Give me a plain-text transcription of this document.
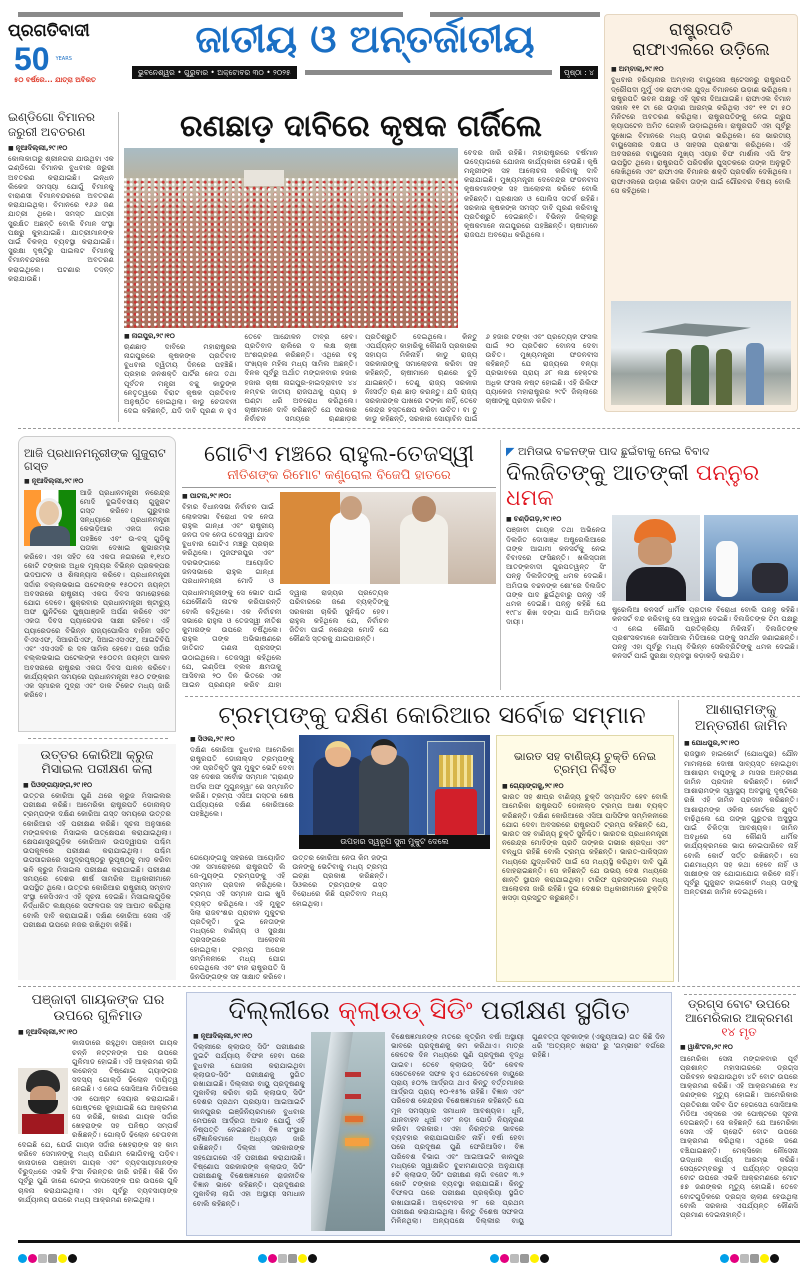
ପ୍ରଗତିବାଦୀ
50 YEARS
୫୦ ବର୍ଷରେ... ଯାତ୍ରା ଅବିରତ
ଜାତୀୟ ଓ ଅନ୍ତର୍ଜାତୀୟ
ଭୁବନେଶ୍ୱର • ଗୁରୁବାର • ଅକ୍ଟୋବର ୩୦ • ୨୦୨୫	ପୃଷ୍ଠା : ୪
ରାଷ୍ଟ୍ରପତି
ରାଫାଏଲରେ ଉଡ଼ିଲେ
■ ଅମ୍ବାଲା,୨୯।୧୦
ବୁଧବାର ହରିୟାନାର ଅମ୍ବାଲା ବାୟୁସେନା ଷ୍ଟେସନରୁ ରାଷ୍ଟ୍ରପତି ଦ୍ରୌପଦୀ ମୁର୍ମୁ ଏକ ରାଫାଏଲ ଯୁଦ୍ଧ ବିମାନରେ ଉଡ଼ାଣ ଭରିଥିଲେ। ରାଷ୍ଟ୍ରପତି ଭବନ ପକ୍ଷରୁ ଏହି ସୂଚନା ଦିଆଯାଇଛି। ରାଫାଏଲ ବିମାନ ସକାଳ ୧୧ ଟା ରେ ଉଡ଼ାଣ ଆରମ୍ଭ କରିଥିଲା ଏବଂ ୧୧ ଟା ୫୦ ମିନିଟରେ ଅବତରଣ କରିଥିଲା। ରାଷ୍ଟ୍ରପତିଙ୍କୁ ନେଇ ଗ୍ରୁପ କ୍ୟାପଟେନ ଅମିତ ଗେହାନି ଉଡ଼ାଇଥିଲେ। ରାଷ୍ଟ୍ରପତି ଏହା ପୂର୍ବରୁ ସୁଖୋଇ ବିମାନରେ ମଧ୍ୟ ଉଡ଼ାଣ ଭରିଥିଲେ। ସେ ଭାରତୀୟ ବାୟୁସେନାର ଦକ୍ଷତା ଓ ସାହସର ପ୍ରଶଂସା କରିଥିଲେ। ଏହି ଅବସରରେ ବାୟୁସେନା ମୁଖ୍ୟ ଏୟାର ଚିଫ ମାର୍ଶାଲ ଏପି ସିଂହ ଉପସ୍ଥିତ ଥିଲେ। ରାଷ୍ଟ୍ରପତି ପରିଦର୍ଶକ ପୁସ୍ତକରେ ତାଙ୍କ ଅନୁଭୂତି ଲେଖିଥିଲେ ଏବଂ ରାଫାଏଲ ବିମାନର ଶକ୍ତି ପ୍ରଦର୍ଶନ ଦେଖିଥିଲେ। ରାଫାଏଲରେ ଉଡ଼ାଣ ଭରିବା ତାଙ୍କ ପାଇଁ ଗୌରବର ବିଷୟ ବୋଲି ସେ କହିଥିଲେ।
ଇଣ୍ଡିଗୋ ବିମାନର ଜରୁରୀ ଅବତରଣ
■ ନୂଆଦିଲ୍ଲୀ,୨୯।୧୦
କୋଲକାତାରୁ ଶ୍ରୀନଗର ଯାଉଥିବା ଏକ ଇଣ୍ଡିଗୋ ବିମାନର ବୁଧବାର ଜରୁରୀ ଅବତରଣ କରାଯାଇଛି। ଇନ୍ଧନ ଲିକେଜ ସମସ୍ୟା ଯୋଗୁଁ ବିମାନକୁ ବାରାଣସୀ ବିମାନବନ୍ଦରରେ ଅବତରଣ କରାଯାଇଥିଲା। ବିମାନରେ ୧୬୬ ଜଣ ଯାତ୍ରୀ ଥିଲେ। ସମସ୍ତ ଯାତ୍ରୀ ସୁରକ୍ଷିତ ଅଛନ୍ତି ବୋଲି ବିମାନ ସଂସ୍ଥା ପକ୍ଷରୁ କୁହାଯାଇଛି। ଯାତ୍ରୀମାନଙ୍କ ପାଇଁ ବିକଳ୍ପ ବ୍ୟବସ୍ଥା କରାଯାଇଛି। ସୁରକ୍ଷା ଦୃଷ୍ଟିରୁ ପାଇଲଟ ବିମାନକୁ ବିମାନବନ୍ଦରରେ ଅବତରଣ କରାଇଥିଲେ। ଘଟଣାର ତଦନ୍ତ କରାଯାଉଛି।
ରଣଛାଡ଼ ଦାବିରେ କୃଷକ ଗର୍ଜିଲେ
ବେଦର ଜାରି ରହିଛି। ମହାରାଷ୍ଟ୍ରରେ ବର୍ଷମାନ ଉଦ୍ୟୋଗରେ ଯୋଜନା କାର୍ଯ୍ୟକାରୀ ହେଉଛି। କୃଷି ମନ୍ତ୍ରୀଙ୍କ ସହ ଆଲୋଚନା କରିବାକୁ ଦାବି କରାଯାଇଛି। ମୁଖ୍ୟମନ୍ତ୍ରୀ ଦେବେନ୍ଦ୍ର ଫଡନବୀସ କୃଷକମାନଙ୍କ ସହ ଆଲୋଚନା କରିବେ ବୋଲି କହିଛନ୍ତି। ପ୍ରଶାସନ ଓ ପୋଲିସ ସତର୍କ ରହିଛି। ସରକାର କୃଷକଙ୍କ ସମସ୍ତ ଦାବି ପୂରଣ କରିବାକୁ ପ୍ରତିଶ୍ରୁତି ଦେଇଛନ୍ତି। ବିଭିନ୍ନ ଜିଲ୍ଲାରୁ କୃଷକମାନେ ନାଗପୁରରେ ପହଞ୍ଚିଛନ୍ତି। ଚାଷୀମାନେ ରାଜପଥ ଅବରୋଧ କରିଥିଲେ।
■ ନାଗପୁର,୨୯।୧୦
ଋଣଛାଡ଼ ଦାବିରେ ମହାରାଷ୍ଟ୍ରର ନାଗପୁରରେ କୃଷକଙ୍କ ପ୍ରତିବାଦ ବୁଧବାର ଦ୍ୱିତୀୟ ଦିନରେ ପହଞ୍ଚିଛି। ପ୍ରହାର ଜନଶକ୍ତି ପାର୍ଟିର ନେତା ତଥା ପୂର୍ବତନ ମନ୍ତ୍ରୀ ବଚ୍ଚୁ କାଡୁଙ୍କ ନେତୃତ୍ୱରେ ବିରାଟ କୃଷକ ପ୍ରତିବାଦ ଅନୁଷ୍ଠିତ ହୋଇଥିଲା। କାଡୁ ଚେତାବନୀ ଦେଇ କହିଛନ୍ତି, ଯଦି ଦାବି ପୂରଣ ନ ହୁଏ ତେବେ ଆନ୍ଦୋଳନ ତୀବ୍ର ହେବ। ପ୍ରତିବାଦ ରାଲିରେ ଦ ଲକ୍ଷ ଚାଷୀ ଅଂଶଗ୍ରହଣ କରିଛନ୍ତି। ଏଥିରେ ବହୁ ସଂଖ୍ୟକ ମହିଳା ମଧ୍ୟ ସାମିଲ ଅଛନ୍ତି। ଦିନକ ପୂର୍ବରୁ ଅର୍ଥାତ ମଙ୍ଗଳବାର ହଜାର ହଜାର ଚାଷୀ ନାଗପୁର-ହାଇଦ୍ରାବାଦ ୪୪ ନମ୍ବର ଜାତୀୟ ରାଜପଥକୁ ପ୍ରାୟ ୭ ଘଣ୍ଟା ଧରି ଅବରୋଧ କରିଥିଲେ। ଚାଷୀମାନେ ଦାବି କରିଛନ୍ତି ଯେ ସରକାର ନିର୍ବାଚନ ସମୟରେ ଋଣଛାଡ଼ର ପ୍ରତିଶ୍ରୁତି ଦେଇଥିଲେ। କିନ୍ତୁ ଏପର୍ଯ୍ୟନ୍ତ କାହାରିକୁ କୌଣସି ପ୍ରକାରର ସହାୟତା ମିଳିନାହିଁ। କାଡୁ ରାଜ୍ୟ ସରକାରଙ୍କୁ ସମାଲୋଚନା କରିବା ସହ କହିଛନ୍ତି, ଚାଷୀମାନେ ଋଣରେ ବୁଡ଼ି ଯାଇଛନ୍ତି। ତେଣୁ ରାଜ୍ୟ ସରକାର ନିଃସର୍ତ୍ତ ଋଣ ଛାଡ଼ କରନ୍ତୁ। ଯଦି ରାଜ୍ୟ ସରକାରଙ୍କ ପାଖରେ ଟଙ୍କା ନାହିଁ, ତେବେ କେନ୍ଦ୍ର ହସ୍ତକ୍ଷେପ କରିବା ଉଚିତ। ବା ତୁ କାଡୁ କହିଛନ୍ତି, ସରକାର ସୋୟାବିନ ପାଇଁ ୬ ହଜାର ଟଙ୍କା ଏବଂ ପ୍ରତ୍ୟେକ ଫସଲ ପାଇଁ ୨୦ ପ୍ରତିଶତ ବୋନସ ଦେବା ଉଚିତ। ମୁଖ୍ୟମନ୍ତ୍ରୀ ଫଡନବୀସ କହିଛନ୍ତି ଯେ ରାଜ୍ୟରେ ବନ୍ୟା ପ୍ରଭାବରେ ପ୍ରାୟ ୬୮ ଲକ୍ଷ ହେକ୍ଟର ଅଧିକ ଫସଲ ନଷ୍ଟ ହୋଇଛି। ଏହି ରିଲିଫ ପ୍ୟାକେଜ ମହାରାଷ୍ଟ୍ରର ୨୯ଟି ଜିଲ୍ଲାରେ ଚାଷୀଙ୍କୁ ପ୍ରଦାନ କରିବ।
ଆଜି ପ୍ରଧାନମନ୍ତ୍ରୀଙ୍କ ଗୁଜୁରାଟ ଗସ୍ତ
■ ନୂଆଦିଲ୍ଲୀ,୨୯।୧୦
ଆଜି ପ୍ରଧାନମନ୍ତ୍ରୀ ନରେନ୍ଦ୍ର ମୋଦି ଦୁଇଦିବସୀୟ ଗୁଜୁରାଟ ଗସ୍ତ କରିବେ। ଗୁରୁବାର ସନ୍ଧ୍ୟାରେ ପ୍ରଧାନମନ୍ତ୍ରୀ କେଭଡ଼ିଆର ଏକତା ନଗର ପହଞ୍ଚିବେ ଏବଂ ଉ-ବସ୍ ଗୁଡ଼ିକୁ ପତାକା ଦେଖାଇ ଶୁଭାରମ୍ଭ କରିବେ। ଏହା ସହିତ ସେ ଏକତା ନଗରରେ ୧,୧୪୦ କୋଟି ଟଙ୍କାର ଅଧିକ ମୂଲ୍ୟର ବିଭିନ୍ନ ପ୍ରକଳ୍ପର ଉଦଘାଟନ ଓ ଶିଳାନ୍ୟାସ କରିବେ। ପ୍ରଧାନମନ୍ତ୍ରୀ ସର୍ଦ୍ଦାର ବଲ୍ଲଭଭାଇ ପଟେଲଙ୍କ ୧୫୦ତମ ଜୟନ୍ତୀ ଅବସରରେ ରାଷ୍ଟ୍ରୀୟ ଏକତା ଦିବସ ସମାରୋହରେ ଯୋଗ ଦେବେ। ଶୁକ୍ରବାର ପ୍ରଧାନମନ୍ତ୍ରୀ ଷ୍ଟାଚ୍ୟୁ ଅଫ ୟୁନିଟିରେ ପୁଷ୍ପାଞ୍ଜଳି ଅର୍ପଣ କରିବେ ଏବଂ ଏକତା ଦିବସ ପ୍ୟାରେଡର ସାକ୍ଷୀ ରହିବେ। ଏହି ପ୍ୟାରେଡରେ ବିଭିନ୍ନ ରାଜ୍ୟପୋଲିସ ବାହିନୀ ସହିତ ବିଏସଏଫ, ସିଆରପିଏଫ, ସିଆଇଏସଏଫ, ଆଇଟିବିପି ଏବଂ ଏସଏସବି ର ଦଳ ସାମିଲ ହେବେ। ପରେ ସର୍ଦ୍ଦାର ବଲ୍ଲଭଭାଇ ପଟେଲଙ୍କ ୧୫୦ତମ ଜୟନ୍ତୀ ପାଳନ ଅବସରରେ ରାଷ୍ଟ୍ରର ଏକତା ଦିବସ ପାଳନ କରିବେ। କାର୍ଯ୍ୟକ୍ରମ ସମୟରେ ପ୍ରଧାନମନ୍ତ୍ରୀ ୧୫୦ ଟଙ୍କାର ଏକ ସ୍ମାରକ ମୁଦ୍ରା ଏବଂ ଡାକ ଟିକେଟ ମଧ୍ୟ ଜାରି କରିବେ।
ଗୋଟିଏ ମଞ୍ଚରେ ରାହୁଲ-ତେଜସ୍ୱୀ
ନୀତିଶଙ୍କ ରିମୋଟ କଣ୍ଟ୍ରୋଲ ବିଜେପି ହାତରେ
■ ପାଟନା,୨୯।୧୦:
ବିହାର ବିଧାନସଭା ନିର୍ବାଚନ ପାଇଁ ଲୋକସଭା ବିରୋଧୀ ଦଳ ନେତା ରାହୁଲ ଗାନ୍ଧୀ ଏବଂ ରାଷ୍ଟ୍ରୀୟ ଜନତା ଦଳ ନେତା ତେଜସ୍ୱୀ ଯାଦବ ବୁଧବାର ଗୋଟିଏ ମଞ୍ଚରୁ ପ୍ରଚାର କରିଥିଲେ। ମୁଜଫରପୁର ଏବଂ ଦରଭଙ୍ଗାରେ ଆୟୋଜିତ ଜନସଭାରେ ରାହୁଲ ଗାନ୍ଧୀ ପ୍ରଧାନମନ୍ତ୍ରୀ ମୋଦି ଓ
ପ୍ରଧାନମନ୍ତ୍ରୀଙ୍କୁ ସେ ଭୋଟ ପାଇଁ ଯେକୌଣସି ନାଟକ କରିପାରନ୍ତି ବୋଲି କହିଥିଲେ। ଏକ ନିର୍ବାଚନୀ ସଭାରେ ରାହୁଲ ଓ ତେଜସ୍ୱୀ ନୀତିଶ କୁମାରଙ୍କ ଉପରେ ବର୍ଷିଥିଲେ। ରାହୁଲ ତାଙ୍କ ଅଭିଭାଷଣରେ ଜାତିଗତ ଗଣନା ପ୍ରସଙ୍ଗ ଉଠାଇଥିଲେ। ତେଜସ୍ୱୀ କହିଥିଲେ ଯେ, ଇଣ୍ଡିଆ ବ୍ଲକ କ୍ଷମତାକୁ ଆସିବାର ୨୦ ଦିନ ଭିତରେ ଏକ ଆଇନ ପ୍ରଣୟନ କରିବ ଯାହା ଦ୍ୱାରା ରାଜ୍ୟର ପ୍ରତ୍ୟେକ ପରିବାରରେ ଜଣେ ବ୍ୟକ୍ତିଙ୍କୁ ସରକାରୀ ଚାକିରି ସୁନିଶ୍ଚିତ ହେବ। ରାହୁଲ କହିଥିଲେ ଯେ, ନିର୍ବାଚନ ଜିତିବା ପାଇଁ ନରେନ୍ଦ୍ର ମୋଦି ଯେ କୌଣସି ସ୍ତରକୁ ଯାଇପାରନ୍ତି।
◤ ଅମିତାଭ ବଚ୍ଚନଙ୍କ ପାଦ ଛୁଇଁବାକୁ ନେଇ ବିବାଦ
ଦିଲଜିତଙ୍କୁ ଆତଙ୍କୀ ପନ୍ନୁର ଧମକ
■ ଚଣ୍ଡିଗଡ଼,୨୯।୧୦
ପଞ୍ଜାବୀ ଗାୟକ ତଥା ଅଭିନେତା ଦିଲଜିତ ଦୋସାଞ୍ଝ ଅଷ୍ଟ୍ରେଲିଆରେ ତାଙ୍କ ଆଗାମୀ କନସର୍ଟକୁ ନେଇ ବିବାଦରେ ଫସିଛନ୍ତି। ଖଲିସ୍ତାନୀ ଆତଙ୍କବାଦୀ ଗୁରପତୱନ୍ତ ସିଂ ପନ୍ନୁ ଦିଲଜିତଙ୍କୁ ଧମକ ଦେଇଛି। ଅମିତାଭ ବଚ୍ଚନଙ୍କ ଶୋ'ରେ ଦିଲଜିତ ତାଙ୍କ ପାଦ ଛୁଇଁଥିବାରୁ ପନ୍ନୁ ଏହି ଧମକ ଦେଇଛି। ପନ୍ନୁ କହିଛି ଯେ ୧୯୮୪ ଶିଖ ଦଙ୍ଗା ପାଇଁ ଅମିତାଭ ଦାୟୀ।
ଷ୍ଟ୍ରେଲିଆ କନସର୍ଟ ଧାର୍ମିକ ପ୍ରତୀକ ବିରୋଧୀ ବୋଲି ପନ୍ନୁ କହିଛି। କନସର୍ଟ ବନ୍ଦ କରିବାକୁ ସେ ଆହ୍ୱାନ ଦେଇଛି। ଦିଲଜିତଙ୍କ ଟିମ ପକ୍ଷରୁ ଏ ନେଇ କୌଣସି ପ୍ରତିକ୍ରିୟା ମିଳିନାହିଁ। ଦିଲଜିତଙ୍କ ପ୍ରଶଂସକମାନେ ସୋସିଆଲ ମିଡିଆରେ ତାଙ୍କୁ ସମର୍ଥନ ଜଣାଇଛନ୍ତି। ପନ୍ନୁ ଏହା ପୂର୍ବରୁ ମଧ୍ୟ ବିଭିନ୍ନ ସେଲିବ୍ରିଟିଙ୍କୁ ଧମକ ଦେଇଛି। କନସର୍ଟ ପାଇଁ ସୁରକ୍ଷା ବ୍ୟବସ୍ଥା କଡ଼ାକଡ଼ି କରାଯିବ।
ଟ୍ରମ୍ପଙ୍କୁ ଦକ୍ଷିଣ କୋରିଆର ସର୍ବୋଚ୍ଚ ସମ୍ମାନ
■ ସିଓଲ,୨୯।୧୦
ଦକ୍ଷିଣ କୋରିଆ ବୁଧବାର ଆମେରିକା ରାଷ୍ଟ୍ରପତି ଡୋନାଲ୍ଡ ଟ୍ରମ୍ପଙ୍କୁ ଏକ ପ୍ରତିକୃତି ସୁନା ମୁକୁଟ ଭେଟି ଦେବା ସହ ଦେଶର ସର୍ବୋଚ୍ଚ ସମ୍ମାନ 'ଗ୍ରାଣ୍ଡ ଅର୍ଡର ଅଫ ମୁଗୁନହ୍ୱା' ରେ ସମ୍ମାନିତ କରିଛି। ଟ୍ରମ୍ପ ଏସିଆ ଗସ୍ତର ଶେଷ ପର୍ଯ୍ୟାୟରେ ଦକ୍ଷିଣ କୋରିଆରେ ପହଞ୍ଚିଥିଲେ।
ଉପହାର ସ୍ୱରୂପ ସୁନା ମୁକୁଟ ଦେଲେ
ଗେୟୋଙ୍ଗଜୁ ସହରରେ ଆୟୋଜିତ ଏକ ସମାରୋହରେ ରାଷ୍ଟ୍ରପତି ଲି ଜେ-ମ୍ୟୁଙ୍ଗ ଟ୍ରମ୍ପଙ୍କୁ ଏହି ସମ୍ମାନ ପ୍ରଦାନ କରିଥିଲେ। ଟ୍ରମ୍ପ ଏହି ସମ୍ମାନ ପାଇ ଖୁସି ବ୍ୟକ୍ତ କରିଥିଲେ। ଏହି ମୁକୁଟ ସିଲା ରାଜବଂଶର ପ୍ରାଚୀନ ମୁକୁଟର ପ୍ରତିକୃତି। ଦୁଇ ନେତାଙ୍କ ମଧ୍ୟରେ ବାଣିଜ୍ୟ ଓ ସୁରକ୍ଷା ପ୍ରସଙ୍ଗରେ ଆଲୋଚନା ହୋଇଥିଲା। ଟ୍ରମ୍ପ ଅପେକ ସମ୍ମିଳନୀରେ ମଧ୍ୟ ଯୋଗ ଦେଇଥିଲେ ଏବଂ ଚୀନ ରାଷ୍ଟ୍ରପତି ସି ଜିନପିଙ୍ଗଙ୍କ ସହ ସାକ୍ଷାତ କରିବେ। ଉତ୍ତର କୋରିଆ ନେତା କିମ ଜଙ୍ଗ ଉନଙ୍କୁ ଭେଟିବାକୁ ମଧ୍ୟ ଟ୍ରମ୍ପ ଇଚ୍ଛା ପ୍ରକାଶ କରିଛନ୍ତି। ସିଓଲରେ ଟ୍ରମ୍ପଙ୍କ ଗସ୍ତ ବିରୋଧରେ କିଛି ପ୍ରତିବାଦ ମଧ୍ୟ ହୋଇଥିଲା।
ଭାରତ ସହ ବାଣିଜ୍ୟ ଚୁକ୍ତି ନେଇ ଟ୍ରମ୍ପ ନିଶ୍ଚିତ
■ ଗ୍ୟୋଙ୍ଗଜୁ,୨୯।୧୦
ଭାରତ ସହ ଶୀଘ୍ର ବାଣିଜ୍ୟ ଚୁକ୍ତି ସମ୍ପାଦିତ ହେବ ବୋଲି ଆମେରିକା ରାଷ୍ଟ୍ରପତି ଡୋନାଲ୍ଡ ଟ୍ରମ୍ପ ଆଶା ବ୍ୟକ୍ତ କରିଛନ୍ତି। ଦକ୍ଷିଣ କୋରିଆରେ ଏସିଆ ପାସିଫିକ ସମ୍ମିଳନୀରେ ଯୋଗ ଦେବା ଅବସରରେ ରାଷ୍ଟ୍ରପତି ଟ୍ରମ୍ପ କହିଛନ୍ତି ଯେ, ଭାରତ ସହ ବାଣିଜ୍ୟ ଚୁକ୍ତି ସୁନିଶ୍ଚିତ। ଭାରତର ପ୍ରଧାନମନ୍ତ୍ରୀ ନରେନ୍ଦ୍ର ମୋଦିଙ୍କ ପ୍ରତି ତାଙ୍କର ଗଭୀର ଶ୍ରଦ୍ଧା ଏବଂ ବନ୍ଧୁତା ରହିଛି ବୋଲି ଟ୍ରମ୍ପ କହିଛନ୍ତି। ଭାରତ-ପାକିସ୍ତାନ ମଧ୍ୟରେ ଯୁଦ୍ଧବିରତି ପାଇଁ ସେ ମଧ୍ୟସ୍ଥି କରିଥିବା ଦାବି ପୁଣି ଦୋହରାଇଛନ୍ତି। ସେ କହିଛନ୍ତି ଯେ ଉଭୟ ଦେଶ ମଧ୍ୟରେ ଶାନ୍ତି ସ୍ଥାପନ କରାଯାଇଥିଲା। ଟାରିଫ ପ୍ରସଙ୍ଗରେ ମଧ୍ୟ ଆଲୋଚନା ଜାରି ରହିଛି। ଦୁଇ ଦେଶର ଅଧିକାରୀମାନେ ଚୁକ୍ତିର ଖସଡ଼ା ପ୍ରସ୍ତୁତ କରୁଛନ୍ତି।
ଆଶାରାମଙ୍କୁ
ଅନ୍ତରୀଣ ଜାମିନ
■ ଯୋଧପୁର,୨୯।୧୦
ରାଜସ୍ଥାନ ହାଇକୋର୍ଟ (ଯୋଧପୁର) ଯୌନ ମାମଲାରେ ଦୋଷୀ ସାବ୍ୟସ୍ତ ହୋଇଥିବା ଆଶାରାମ ବାପୁଙ୍କୁ ୬ ମାସର ଅନ୍ତରୀଣ ଜାମିନ ପ୍ରଦାନ କରିଛନ୍ତି। କୋର୍ଟ ଆଶାରାମଙ୍କ ସ୍ୱାସ୍ଥ୍ୟ ଅବସ୍ଥାକୁ ଦୃଷ୍ଟିରେ ରଖି ଏହି ଜାମିନ ପ୍ରଦାନ କରିଛନ୍ତି। ଆଶାରାମଙ୍କ ଓକିଲ କୋର୍ଟରେ ଯୁକ୍ତି ବାଢ଼ିଥିଲେ ଯେ ତାଙ୍କ ଗୁରୁତର ଅସୁସ୍ଥତା ପାଇଁ ଚିକିତ୍ସା ଆବଶ୍ୟକ। ଜାମିନ ଅବଧିରେ ସେ କୌଣସି ଧାର୍ମିକ କାର୍ଯ୍ୟକ୍ରମରେ ଭାଗ ନେଇପାରିବେ ନାହିଁ ବୋଲି କୋର୍ଟ ସର୍ତ୍ତ ରଖିଛନ୍ତି। ସେ ଗଣମାଧ୍ୟମ ସହ କଥା ହେବେ ନାହିଁ ଓ ସାକ୍ଷୀଙ୍କ ସହ ଯୋଗାଯୋଗ କରିବେ ନାହିଁ। ପୂର୍ବରୁ ଗୁଜୁରାଟ ହାଇକୋର୍ଟ ମଧ୍ୟ ତାଙ୍କୁ ଅନ୍ତରୀଣ ଜାମିନ ଦେଇଥିଲେ।
ଉତ୍ତର କୋରିଆ କ୍ରୁଜ ମିସାଇଲ ପରୀକ୍ଷଣ କଲା
■ ପିଓଙ୍ଗୟାଙ୍ଗ,୨୯।୧୦
ଉତ୍ତର କୋରିଆ ପୁଣି ଥରେ କ୍ରୁଜ ମିସାଇଲର ପରୀକ୍ଷଣ କରିଛି। ଆମେରିକା ରାଷ୍ଟ୍ରପତି ଡୋନାଲ୍ଡ ଟ୍ରମ୍ପଙ୍କ ଦକ୍ଷିଣ କୋରିଆ ଗସ୍ତ ସମୟରେ ଉତ୍ତର କୋରିଆର ଏହି ପରୀକ୍ଷଣ କରିଛି। ସୂଚନା ଅନୁସାରେ ମଙ୍ଗଳବାର ମିସାଇଲ ଉତ୍କ୍ଷେପଣ କରାଯାଇଥିଲା। କ୍ଷେପଣାସ୍ତ୍ରଗୁଡ଼ିକ କୋରିଆନ ଉପଦ୍ୱୀପର ପଶ୍ଚିମ ଉପକୂଳରେ ପରୀକ୍ଷଣ କରାଯାଇଥିଲା। ପଶ୍ଚିମ ଉପସାଗରରେ ସମୁଦ୍ରପୃଷ୍ଠରୁ ଭୂପୃଷ୍ଠକୁ ମାଡ଼ କରିବା ଭଳି କ୍ରୁଜ ମିସାଇଲ ପରୀକ୍ଷଣ କରାଯାଇଛି। ପରୀକ୍ଷଣ ସମୟରେ ଦେଶର ଶୀର୍ଷ ସାମରିକ ଅଧିକାରୀମାନେ ଉପସ୍ଥିତ ଥିଲେ। ଉତ୍ତର କୋରିଆର ରାଷ୍ଟ୍ରୀୟ ସମ୍ବାଦ ସଂସ୍ଥା କେସିଏନଏ ଏହି ସୂଚନା ଦେଇଛି। ମିସାଇଲଗୁଡ଼ିକ ନିର୍ଦ୍ଧାରିତ ଲକ୍ଷ୍ୟରେ ସଫଳତାର ସହ ଆଘାତ କରିଥିଲା ବୋଲି ଦାବି କରାଯାଇଛି। ଦକ୍ଷିଣ କୋରିଆ ସେନା ଏହି ପରୀକ୍ଷଣ ଉପରେ ନଜର ରଖିଥିବା କହିଛି।
ପଞ୍ଜାବୀ ଗାୟକଙ୍କ ଘର ଉପରେ ଗୁଳିମାଡ
■ ନୂଆଦିଲ୍ଲୀ,୨୯।୧୦
କାନାଡାରେ ରହୁଥିବା ପଞ୍ଜାବୀ ଗାୟକ ଚନ୍ନି ନଟ୍ଟନଙ୍କ ଘର ଉପରେ ଗୁଳିମାଡ ହୋଇଛି। ଏହି ଆକ୍ରମଣ ଲାଗି ଲରେନ୍ସ ବିଷ୍ଣୋଇ ଗ୍ୟାଙ୍ଗର ସଦସ୍ୟ ଗୋଲ୍ଡି ଢିଲୋନ ଦାୟିତ୍ୱ ନେଇଛି। ଏ ନେଇ ସୋସିଆଲ ମିଡିଆରେ ଏକ ପୋଷ୍ଟ ସେୟାର କରାଯାଇଛି। ପୋଷ୍ଟରେ କୁହାଯାଇଛି ଯେ ଆକ୍ରମଣ ସେ କରିଛି, କାରଣ ଗାୟକ ସର୍ଦ୍ଦାର ଖେହରାଙ୍କ ସହ ଘନିଷ୍ଠ ସମ୍ପର୍କ ରଖିଛନ୍ତି। ଗୋଲ୍ଡି ଢିଲୋନ ଚେତାବନୀ ଦେଇଛି ଯେ, ଯେଉଁ ଗାୟକ ସର୍ଦ୍ଦାର ଖେହରାଙ୍କ ସହ କାମ କରିବେ ସେମାନଙ୍କୁ ମଧ୍ୟ ପରିଣାମ ଭୋଗିବାକୁ ପଡ଼ିବ। କାନାଡାରେ ପଞ୍ଜାବୀ ଗାୟକ ଏବଂ ବ୍ୟବସାୟୀମାନଙ୍କ ବିରୁଦ୍ଧରେ ଏଭଳି ହିଂସା ନିରନ୍ତର ଜାରି ରହିଛି। କିଛି ଦିନ ପୂର୍ବରୁ ପୁଣି ଜାଣେ ଗେଙ୍ଗ କାପସେଙ୍କ ଘର ଉପରେ ଗୁଳି ଚାଳନା କରାଯାଇଥିଲା। ଏହା ପୂର୍ବରୁ ବ୍ୟବସାୟୀଙ୍କ କାର୍ଯ୍ୟାଳୟ ଉପରେ ମଧ୍ୟ ଆକ୍ରମଣ ହୋଇଥିଲା।
ଦିଲ୍ଲୀରେ କ୍ଲାଉଡ୍ ସିଡିଂ ପରୀକ୍ଷଣ ସ୍ଥଗିତ
■ ନୂଆଦିଲ୍ଲୀ,୨୯।୧୦
ଦିଲ୍ଲୀରେ କ୍ଲାଉଡ୍ ସିଡିଂ ପରୀକ୍ଷଣର ଦୁଇଟି ପର୍ଯ୍ୟାୟ ବିଫଳ ହେବା ପରେ ବୁଧବାର ଯୋଜନା କରାଯାଇଥିବା କ୍ଲାଉଡ-ସିଡିଂ ପରୀକ୍ଷଣକୁ ସ୍ଥଗିତ ରଖାଯାଇଛି। ଦିଲ୍ଲୀର ବାୟୁ ପ୍ରଦୂଷଣକୁ ମୁକାବିଲା କରିବା ଲାଗି କ୍ଲାଉଡ୍ ସିଡିଂ ଦେଶର ପ୍ରଥମ ପ୍ରୟାସ। ଆଇଆଇଟି କାନପୁରର ଇଞ୍ଜିନିୟରମାନେ ବୁଧବାର ମେଘରେ ଆର୍ଦ୍ରତା ଅଭାବ ଯୋଗୁଁ ଏହି ନିଷ୍ପତ୍ତି ନେଇଛନ୍ତି। ବିଜ୍ଞ ସଂସ୍ଥାର ବୈଜ୍ଞାନିକମାନେ ଅଧ୍ୟୟନ ଜାରି ରଖିଛନ୍ତି। ଦିଲ୍ଲୀ ସରକାରଙ୍କ ସହଯୋଗରେ ଏହି ପରୀକ୍ଷଣ କରାଯାଉଛି। ବିଷ୍ଣୋପ ସରକାରଙ୍କ କ୍ଲାଉଡ୍ ସିଡିଂ ପରୀକ୍ଷଣକୁ ବିଶେଷଜ୍ଞମାନେ ରାଜନୀତିକ ବିଜ୍ଞାନ ଭାବେ କହିଛନ୍ତି। ପ୍ରଦୂଷଣର ମୁକାବିଲା ଲାଗି ଏହା ଅସ୍ଥାୟୀ ସମାଧାନ ବୋଲି କହିଛନ୍ତି।
ବିଶେଷଜ୍ଞମାନଙ୍କ ମତରେ କୃତ୍ରିମ ବର୍ଷା ଅସ୍ଥାୟୀ ଭାବରେ ପ୍ରଦୂଷଣକୁ କମ କରିଥାଏ। ମାତ୍ର କେତେକ ଦିନ ମଧ୍ୟରେ ପୁଣି ପ୍ରଦୂଷଣ ବୃଦ୍ଧି ପାଇବ। ତେବେ କ୍ଲାଉଡ୍ ସିଡିଂ କେବଳ ସେତେବେଳେ ସଫଳ ହୁଏ ଯେତେବେଳେ ବାୟୁରେ ପ୍ରାୟ ୫୦% ଆର୍ଦ୍ରତା ଥାଏ କିନ୍ତୁ ବର୍ତ୍ତମାନର ଆର୍ଦ୍ରତା ପ୍ରାୟ ୧୦-୧୫% ରହିଛି। ବିଜ୍ଞାନ ଏବଂ ପରିବେଶ କେନ୍ଦ୍ରର ବିଶେଷଜ୍ଞମାନେ କହିଛନ୍ତି ଯେ ମୂଳ ସମସ୍ୟାର ସମାଧାନ ଆବଶ୍ୟକ। ଧୂଳି, ଯାନବାହନ ଧୂଆଁ ଏବଂ ନଡ଼ା ପୋଡ଼ି ନିୟନ୍ତ୍ରଣ କରିବା ଦରକାର। ଏହା ନିରନ୍ତର ଭାବରେ ବ୍ୟବହାର କରାଯାଇପାରିବ ନାହିଁ। ବର୍ଷା ହେବା ପରେ ପ୍ରଦୂଷଣ ପୁଣି ଫେରିଆସିବ। ବିଜ୍ଞ ପରିବେଶ ବିଭାଗ ଏବଂ ଆଇଆଇଟି କାନପୁର ମଧ୍ୟରେ ସ୍ୱାକ୍ଷରିତ ବୁଝାମଣାପତ୍ର ଅନୁଯାୟୀ ୫ଟି କ୍ଲାଉଡ୍ ସିଡିଂ ପରୀକ୍ଷଣ ଲାଗି ବଜେଟ ୩.୨ କୋଟି ଟଙ୍କାର ବ୍ୟବସ୍ଥା କରାଯାଇଛି। କିନ୍ତୁ ବିଫଳତା ପରେ ପରୀକ୍ଷଣ ପ୍ରକ୍ରିୟା ସ୍ଥଗିତ ରଖାଯାଇଛି। ଅକ୍ଟୋବର ୨୮ ରେ ପ୍ରଥମ ପରୀକ୍ଷଣ କରାଯାଇଥିଲା। କିନ୍ତୁ ବିଶେଷ ସଫଳତା ମିଳିନଥିଲା। ଅନ୍ୟପକ୍ଷେ ଦିଲ୍ଲୀର ବାୟୁ ଗୁଣବତ୍ତା ସୂଚକାଙ୍କ (ଏକ୍ୟୁଆଇ) ଗତ କିଛି ଦିନ ଧରି 'ଅତ୍ୟନ୍ତ ଖରାପ' ରୁ 'ଗମ୍ଭୀର' ବର୍ଗରେ ରହିଛି।
ଡ୍ରଗ୍ସ ବୋଟ ଉପରେ
ଆମେରିକାର ଆକ୍ରମଣ ୧୪ ମୃତ
■ ୱାଶିଂଟନ,୨୯।୧୦
ଆମେରିକା ସେନା ମଙ୍ଗଳବାର ପୂର୍ବ ପ୍ରଶାନ୍ତ ମହାସାଗରରେ ଡ୍ରଗ୍ସ ପରିବହନ କରାଯାଉଥିବା ୪ଟି ବୋଟ ଉପରେ ଆକ୍ରମଣ କରିଛି। ଏହି ଆକ୍ରମଣରେ ୧୪ ଜଣଙ୍କର ମୃତ୍ୟୁ ହୋଇଛି। ଆମେରିକାର ପ୍ରତିରକ୍ଷା ସଚିବ ପିଟ ହେଗସେଥ ସୋସିଆଲ ମିଡିଆ ଏକ୍ସରେ ଏକ ପୋଷ୍ଟରେ ସୂଚନା ଦେଇଛନ୍ତି। ସେ କହିଛନ୍ତି ଯେ ଆମେରିକା ସେନା ଏହି ଚାରୋଟି ବୋଟ ଉପରେ ଆକ୍ରମଣ କରିଥିଲା। ଏଥିରେ ଜଣେ ବଞ୍ଚିଯାଇଛନ୍ତି। ମେକ୍ସିକୋ ନୌସେନା ଉଦ୍ଧାର କାର୍ଯ୍ୟ ଆରମ୍ଭ କରିଛି। ସେପ୍ଟେମ୍ବରରୁ ଏ ପର୍ଯ୍ୟନ୍ତ ଡ୍ରଗ୍ସ ବୋଟ ଉପରେ ଏଭଳି ଆକ୍ରମଣରେ ମୋଟ ୫୭ ଜଣଙ୍କର ମୃତ୍ୟୁ ହୋଇଛି। ତେବେ ବୋଟଗୁଡ଼ିକରେ ଡ୍ରଗ୍ସ ଚାଲାଣ ହେଉଥିଲା ବୋଲି ସରକାର ଏପର୍ଯ୍ୟନ୍ତ କୌଣସି ପ୍ରମାଣ ଦେଇନାହାନ୍ତି।
